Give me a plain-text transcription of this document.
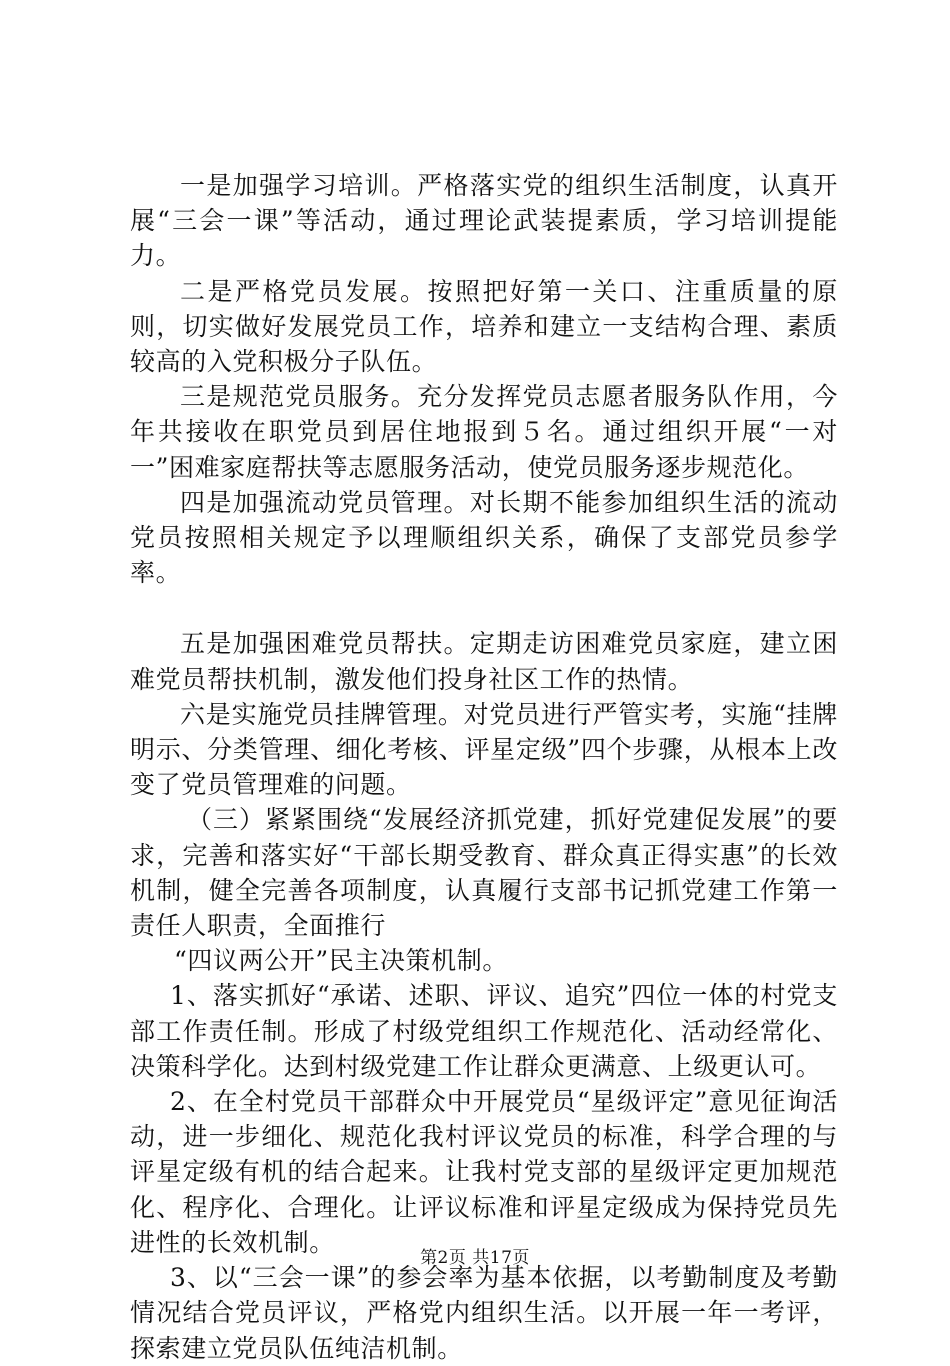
一是加强学习培训。严格落实党的组织生活制度，认真开展“三会一课”等活动，通过理论武装提素质，学习培训提能力。

二是严格党员发展。按照把好第一关口、注重质量的原则，切实做好发展党员工作，培养和建立一支结构合理、素质较高的入党积极分子队伍。

三是规范党员服务。充分发挥党员志愿者服务队作用，今年共接收在职党员到居住地报到５名。通过组织开展“一对一”困难家庭帮扶等志愿服务活动，使党员服务逐步规范化。

四是加强流动党员管理。对长期不能参加组织生活的流动党员按照相关规定予以理顺组织关系，确保了支部党员参学率。

五是加强困难党员帮扶。定期走访困难党员家庭，建立困难党员帮扶机制，激发他们投身社区工作的热情。

六是实施党员挂牌管理。对党员进行严管实考，实施“挂牌明示、分类管理、细化考核、评星定级”四个步骤，从根本上改变了党员管理难的问题。

（三）紧紧围绕“发展经济抓党建，抓好党建促发展”的要求，完善和落实好“干部长期受教育、群众真正得实惠”的长效机制，健全完善各项制度，认真履行支部书记抓党建工作第一责任人职责，全面推行

“四议两公开”民主决策机制。

1、落实抓好“承诺、述职、评议、追究”四位一体的村党支部工作责任制。形成了村级党组织工作规范化、活动经常化、决策科学化。达到村级党建工作让群众更满意、上级更认可。

2、在全村党员干部群众中开展党员“星级评定”意见征询活动，进一步细化、规范化我村评议党员的标准，科学合理的与评星定级有机的结合起来。让我村党支部的星级评定更加规范化、程序化、合理化。让评议标准和评星定级成为保持党员先进性的长效机制。

3、以“三会一课”的参会率为基本依据，以考勤制度及考勤情况结合党员评议，严格党内组织生活。以开展一年一考评，探索建立党员队伍纯洁机制。

第2页 共17页
